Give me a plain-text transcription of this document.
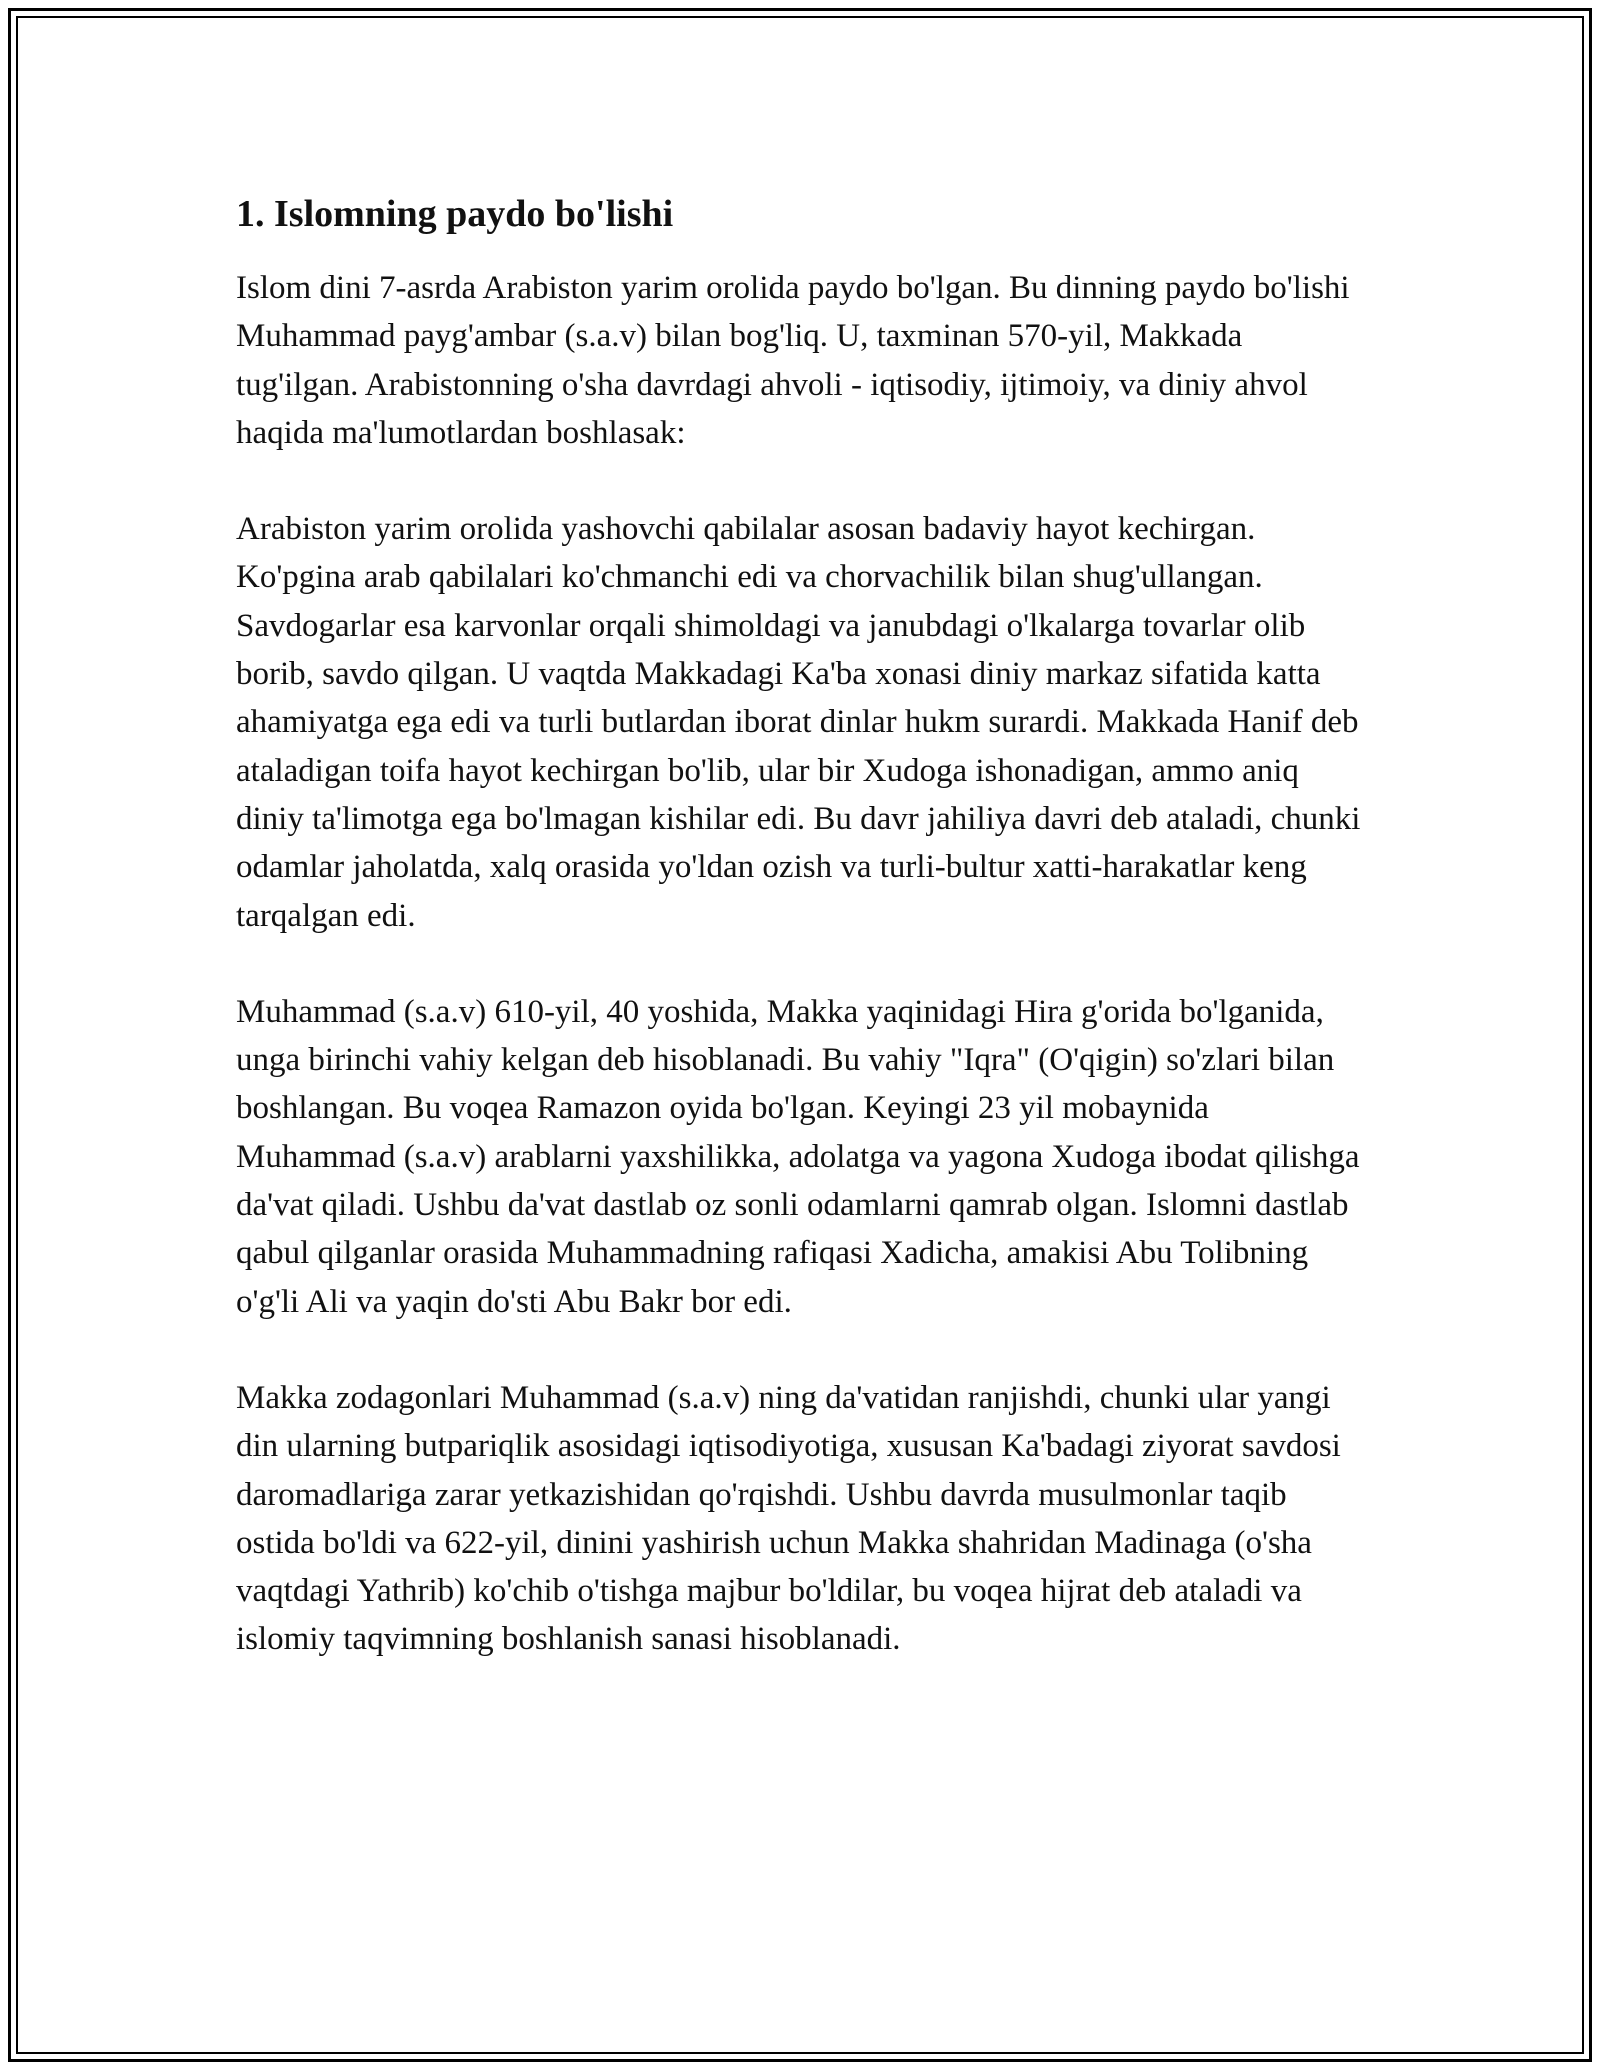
1. Islomning paydo bo'lishi

Islom dini 7-asrda Arabiston yarim orolida paydo bo'lgan. Bu dinning paydo bo'lishi Muhammad payg'ambar (s.a.v) bilan bog'liq. U, taxminan 570-yil, Makkada tug'ilgan. Arabistonning o'sha davrdagi ahvoli - iqtisodiy, ijtimoiy, va diniy ahvol haqida ma'lumotlardan boshlasak:

Arabiston yarim orolida yashovchi qabilalar asosan badaviy hayot kechirgan. Ko'pgina arab qabilalari ko'chmanchi edi va chorvachilik bilan shug'ullangan. Savdogarlar esa karvonlar orqali shimoldagi va janubdagi o'lkalarga tovarlar olib borib, savdo qilgan. U vaqtda Makkadagi Ka'ba xonasi diniy markaz sifatida katta ahamiyatga ega edi va turli butlardan iborat dinlar hukm surardi. Makkada Hanif deb ataladigan toifa hayot kechirgan bo'lib, ular bir Xudoga ishonadigan, ammo aniq diniy ta'limotga ega bo'lmagan kishilar edi. Bu davr jahiliya davri deb ataladi, chunki odamlar jaholatda, xalq orasida yo'ldan ozish va turli-bultur xatti-harakatlar keng tarqalgan edi.

Muhammad (s.a.v) 610-yil, 40 yoshida, Makka yaqinidagi Hira g'orida bo'lganida, unga birinchi vahiy kelgan deb hisoblanadi. Bu vahiy "Iqra" (O'qigin) so'zlari bilan boshlangan. Bu voqea Ramazon oyida bo'lgan. Keyingi 23 yil mobaynida Muhammad (s.a.v) arablarni yaxshilikka, adolatga va yagona Xudoga ibodat qilishga da'vat qiladi. Ushbu da'vat dastlab oz sonli odamlarni qamrab olgan. Islomni dastlab qabul qilganlar orasida Muhammadning rafiqasi Xadicha, amakisi Abu Tolibning o'g'li Ali va yaqin do'sti Abu Bakr bor edi.

Makka zodagonlari Muhammad (s.a.v) ning da'vatidan ranjishdi, chunki ular yangi din ularning butpariqlik asosidagi iqtisodiyotiga, xususan Ka'badagi ziyorat savdosi daromadlariga zarar yetkazishidan qo'rqishdi. Ushbu davrda musulmonlar taqib ostida bo'ldi va 622-yil, dinini yashirish uchun Makka shahridan Madinaga (o'sha vaqtdagi Yathrib) ko'chib o'tishga majbur bo'ldilar, bu voqea hijrat deb ataladi va islomiy taqvimning boshlanish sanasi hisoblanadi.
